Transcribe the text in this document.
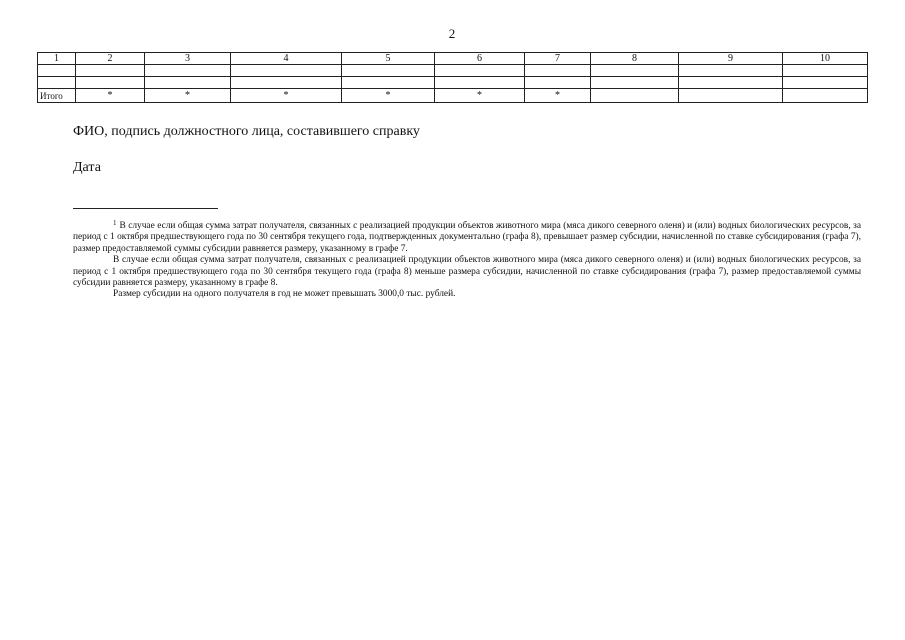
2
1	2	3	4	5	6	7	8	9	10

Итого	*	*	*	*	*	*			
ФИО, подпись должностного лица, составившего справку
Дата

$^1$ В случае если общая сумма затрат получателя, связанных с реализацией продукции объектов животного мира (мяса дикого северного оленя) и (или) водных биологических ресурсов, за период с 1 октября предшествующего года по 30 сентября текущего года, подтвержденных документально (графа 8), превышает размер субсидии, начисленной по ставке субсидирования (графа 7), размер предоставляемой суммы субсидии равняется размеру, указанному в графе 7.

В случае если общая сумма затрат получателя, связанных с реализацией продукции объектов животного мира (мяса дикого северного оленя) и (или) водных биологических ресурсов, за период с 1 октября предшествующего года по 30 сентября текущего года (графа 8) меньше размера субсидии, начисленной по ставке субсидирования (графа 7), размер предоставляемой суммы субсидии равняется размеру, указанному в графе 8.

Размер субсидии на одного получателя в год не может превышать 3000,0 тыс. рублей.
